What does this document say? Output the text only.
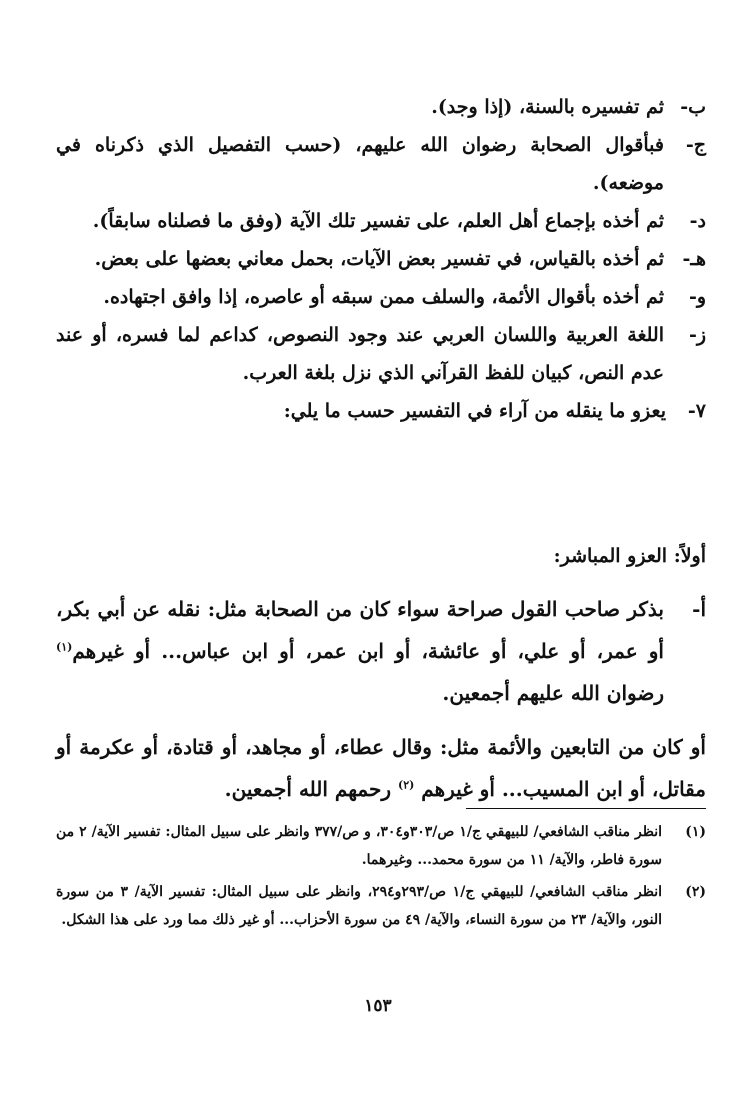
ب-
ثم تفسيره بالسنة، (إذا وجد).
ج-
فبأقوال الصحابة رضوان الله عليهم، (حسب التفصيل الذي ذكرناه في موضعه).
د-
ثم أخذه بإجماع أهل العلم، على تفسير تلك الآية (وفق ما فصلناه سابقاً).
هـ-
ثم أخذه بالقياس، في تفسير بعض الآيات، بحمل معاني بعضها على بعض.
و-
ثم أخذه بأقوال الأئمة، والسلف ممن سبقه أو عاصره، إذا وافق اجتهاده.
ز-
اللغة العربية واللسان العربي عند وجود النصوص، كداعم لما فسره، أو عند عدم النص، كبيان للفظ القرآني الذي نزل بلغة العرب.
٧-
يعزو ما ينقله من آراء في التفسير حسب ما يلي:
أولاً: العزو المباشر:
أ-
بذكر صاحب القول صراحة سواء كان من الصحابة مثل: نقله عن أبي بكر، أو عمر، أو علي، أو عائشة، أو ابن عمر، أو ابن عباس... أو غيرهم$^{(١)}$ رضوان الله عليهم أجمعين.
أو كان من التابعين والأئمة مثل: وقال عطاء، أو مجاهد، أو قتادة، أو عكرمة أو مقاتل، أو ابن المسيب... أو غيرهم $^{(٢)}$ رحمهم الله أجمعين.
(١)
انظر مناقب الشافعي/ للبيهقي ج/١ ص/٣٠٣و٣٠٤، و ص/٣٧٧ وانظر على سبيل المثال: تفسير الآية/ ٢ من سورة فاطر، والآية/ ١١ من سورة محمد... وغيرهما.
(٢)
انظر مناقب الشافعي/ للبيهقي ج/١ ص/٢٩٣و٢٩٤، وانظر على سبيل المثال: تفسير الآية/ ٣ من سورة النور، والآية/ ٢٣ من سورة النساء، والآية/ ٤٩ من سورة الأحزاب... أو غير ذلك مما ورد على هذا الشكل.
١٥٣
